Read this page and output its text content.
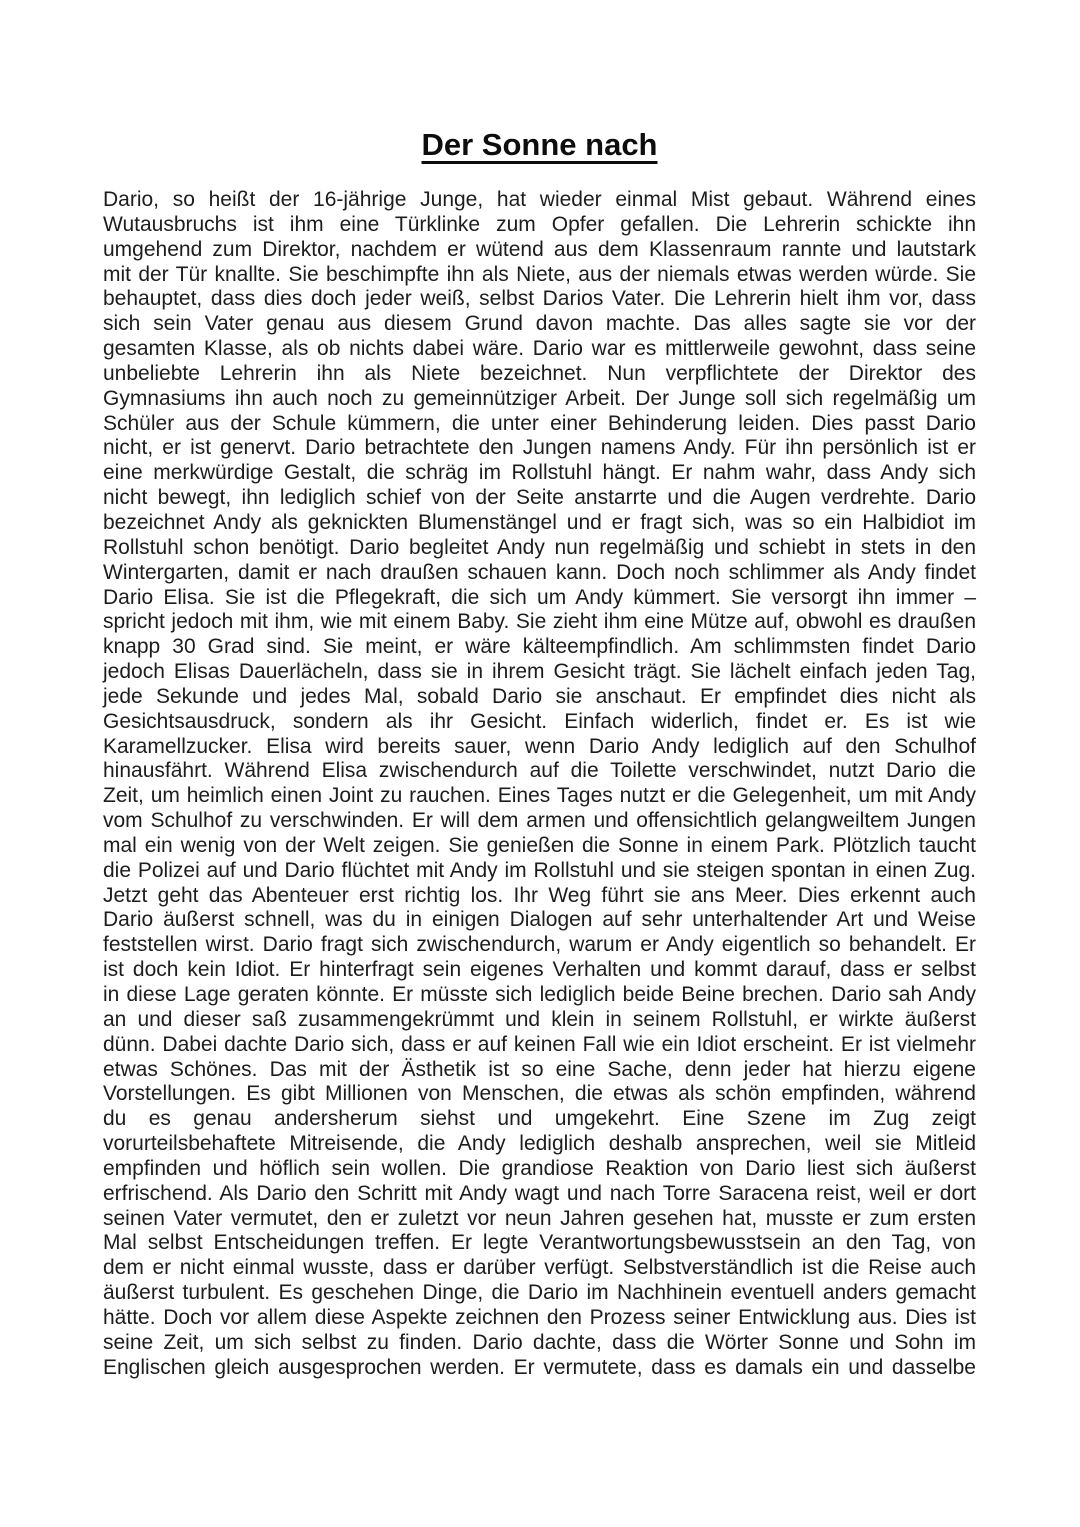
Der Sonne nach
Dario, so heißt der 16-jährige Junge, hat wieder einmal Mist gebaut. Während eines
Wutausbruchs ist ihm eine Türklinke zum Opfer gefallen. Die Lehrerin schickte ihn
umgehend zum Direktor, nachdem er wütend aus dem Klassenraum rannte und lautstark
mit der Tür knallte. Sie beschimpfte ihn als Niete, aus der niemals etwas werden würde. Sie
behauptet, dass dies doch jeder weiß, selbst Darios Vater. Die Lehrerin hielt ihm vor, dass
sich sein Vater genau aus diesem Grund davon machte. Das alles sagte sie vor der
gesamten Klasse, als ob nichts dabei wäre. Dario war es mittlerweile gewohnt, dass seine
unbeliebte Lehrerin ihn als Niete bezeichnet. Nun verpflichtete der Direktor des
Gymnasiums ihn auch noch zu gemeinnütziger Arbeit. Der Junge soll sich regelmäßig um
Schüler aus der Schule kümmern, die unter einer Behinderung leiden. Dies passt Dario
nicht, er ist genervt. Dario betrachtete den Jungen namens Andy. Für ihn persönlich ist er
eine merkwürdige Gestalt, die schräg im Rollstuhl hängt. Er nahm wahr, dass Andy sich
nicht bewegt, ihn lediglich schief von der Seite anstarrte und die Augen verdrehte. Dario
bezeichnet Andy als geknickten Blumenstängel und er fragt sich, was so ein Halbidiot im
Rollstuhl schon benötigt. Dario begleitet Andy nun regelmäßig und schiebt in stets in den
Wintergarten, damit er nach draußen schauen kann. Doch noch schlimmer als Andy findet
Dario Elisa. Sie ist die Pflegekraft, die sich um Andy kümmert. Sie versorgt ihn immer –
spricht jedoch mit ihm, wie mit einem Baby. Sie zieht ihm eine Mütze auf, obwohl es draußen
knapp 30 Grad sind. Sie meint, er wäre kälteempfindlich. Am schlimmsten findet Dario
jedoch Elisas Dauerlächeln, dass sie in ihrem Gesicht trägt. Sie lächelt einfach jeden Tag,
jede Sekunde und jedes Mal, sobald Dario sie anschaut. Er empfindet dies nicht als
Gesichtsausdruck, sondern als ihr Gesicht. Einfach widerlich, findet er. Es ist wie
Karamellzucker. Elisa wird bereits sauer, wenn Dario Andy lediglich auf den Schulhof
hinausfährt. Während Elisa zwischendurch auf die Toilette verschwindet, nutzt Dario die
Zeit, um heimlich einen Joint zu rauchen. Eines Tages nutzt er die Gelegenheit, um mit Andy
vom Schulhof zu verschwinden. Er will dem armen und offensichtlich gelangweiltem Jungen
mal ein wenig von der Welt zeigen. Sie genießen die Sonne in einem Park. Plötzlich taucht
die Polizei auf und Dario flüchtet mit Andy im Rollstuhl und sie steigen spontan in einen Zug.
Jetzt geht das Abenteuer erst richtig los. Ihr Weg führt sie ans Meer. Dies erkennt auch
Dario äußerst schnell, was du in einigen Dialogen auf sehr unterhaltender Art und Weise
feststellen wirst. Dario fragt sich zwischendurch, warum er Andy eigentlich so behandelt. Er
ist doch kein Idiot. Er hinterfragt sein eigenes Verhalten und kommt darauf, dass er selbst
in diese Lage geraten könnte. Er müsste sich lediglich beide Beine brechen. Dario sah Andy
an und dieser saß zusammengekrümmt und klein in seinem Rollstuhl, er wirkte äußerst
dünn. Dabei dachte Dario sich, dass er auf keinen Fall wie ein Idiot erscheint. Er ist vielmehr
etwas Schönes. Das mit der Ästhetik ist so eine Sache, denn jeder hat hierzu eigene
Vorstellungen. Es gibt Millionen von Menschen, die etwas als schön empfinden, während
du es genau andersherum siehst und umgekehrt. Eine Szene im Zug zeigt
vorurteilsbehaftete Mitreisende, die Andy lediglich deshalb ansprechen, weil sie Mitleid
empfinden und höflich sein wollen. Die grandiose Reaktion von Dario liest sich äußerst
erfrischend. Als Dario den Schritt mit Andy wagt und nach Torre Saracena reist, weil er dort
seinen Vater vermutet, den er zuletzt vor neun Jahren gesehen hat, musste er zum ersten
Mal selbst Entscheidungen treffen. Er legte Verantwortungsbewusstsein an den Tag, von
dem er nicht einmal wusste, dass er darüber verfügt. Selbstverständlich ist die Reise auch
äußerst turbulent. Es geschehen Dinge, die Dario im Nachhinein eventuell anders gemacht
hätte. Doch vor allem diese Aspekte zeichnen den Prozess seiner Entwicklung aus. Dies ist
seine Zeit, um sich selbst zu finden. Dario dachte, dass die Wörter Sonne und Sohn im
Englischen gleich ausgesprochen werden. Er vermutete, dass es damals ein und dasselbe
